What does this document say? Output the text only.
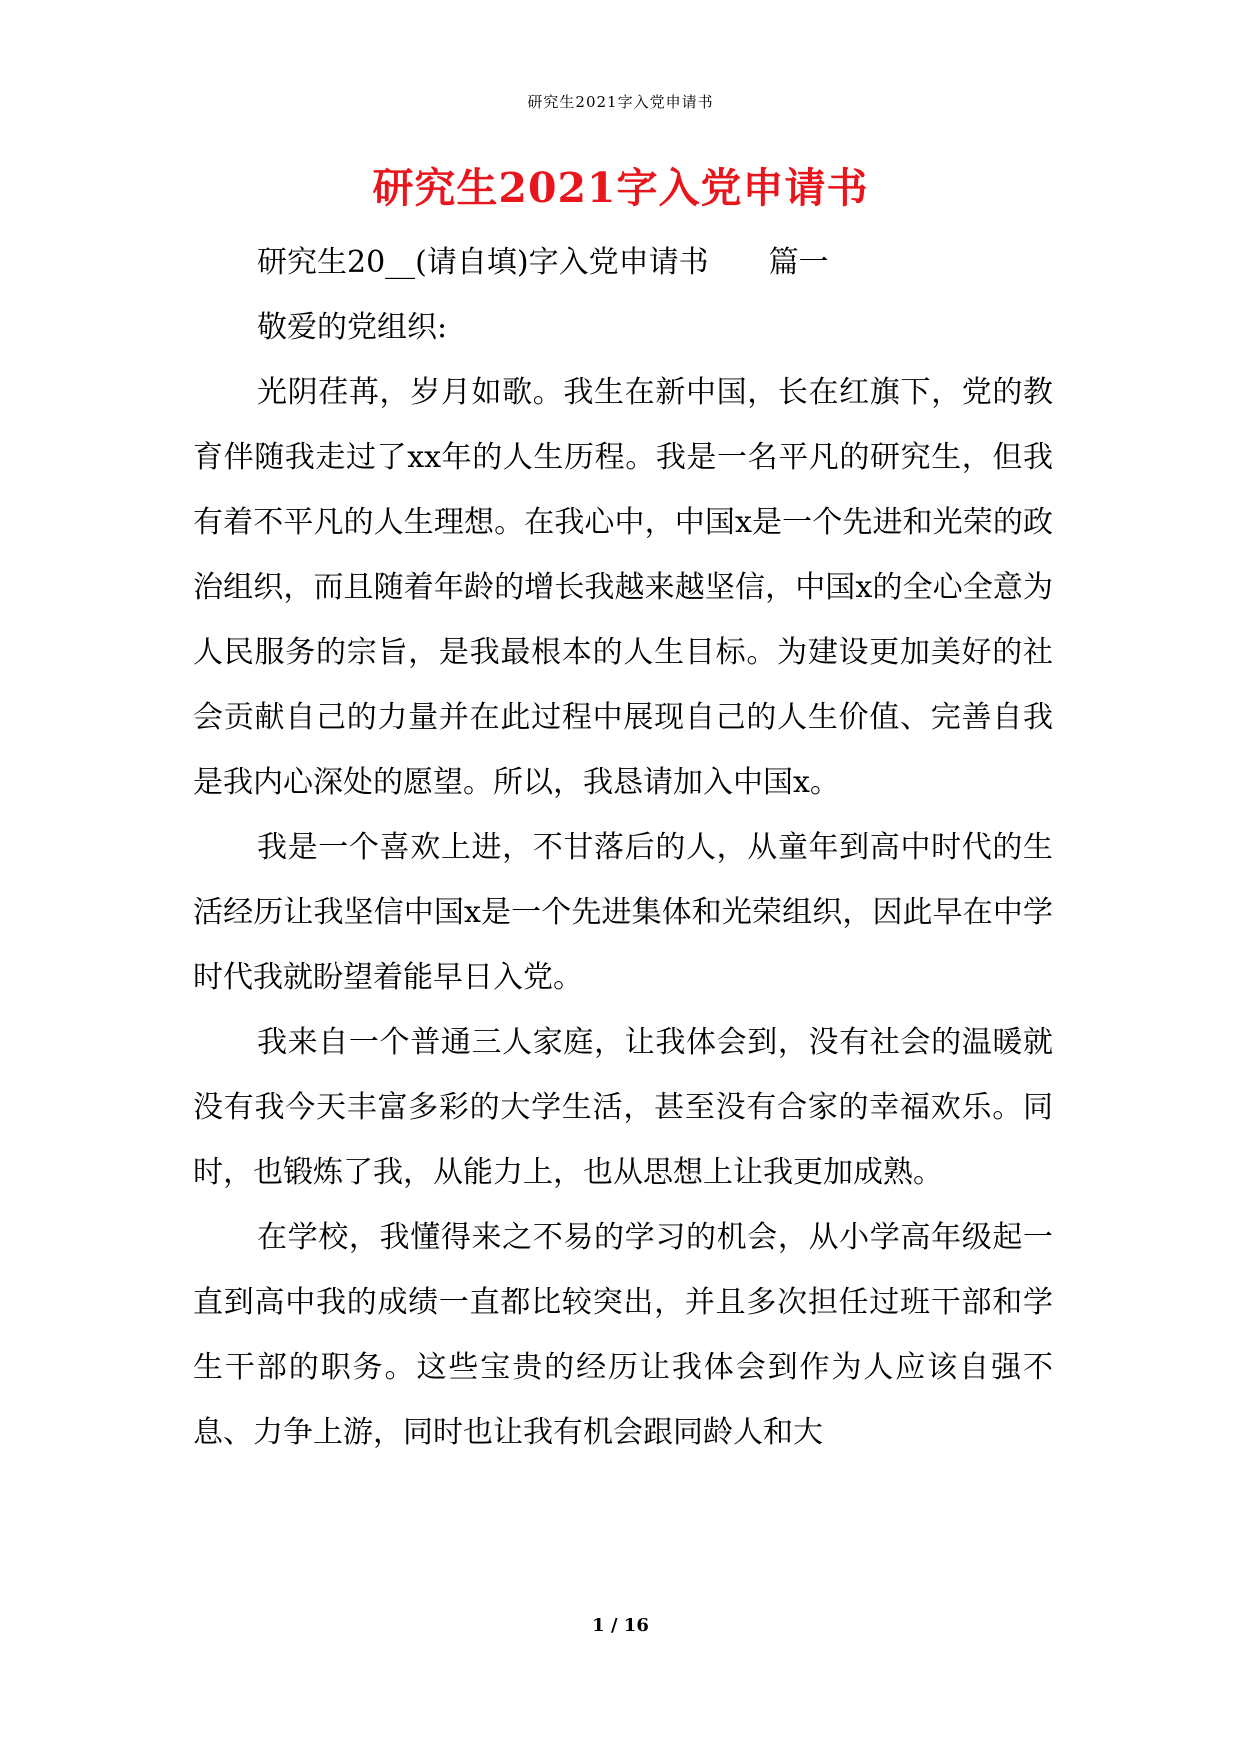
研究生2021字入党申请书
研究生2021字入党申请书

研究生20__(请自填)字入党申请书　　篇一

敬爱的党组织:

光阴荏苒，岁月如歌。我生在新中国，长在红旗下，党的教育伴随我走过了xx年的人生历程。我是一名平凡的研究生，但我有着不平凡的人生理想。在我心中，中国x是一个先进和光荣的政治组织，而且随着年龄的增长我越来越坚信，中国x的全心全意为人民服务的宗旨，是我最根本的人生目标。为建设更加美好的社会贡献自己的力量并在此过程中展现自己的人生价值、完善自我是我内心深处的愿望。所以，我恳请加入中国x。

我是一个喜欢上进，不甘落后的人，从童年到高中时代的生活经历让我坚信中国x是一个先进集体和光荣组织，因此早在中学时代我就盼望着能早日入党。

我来自一个普通三人家庭，让我体会到，没有社会的温暖就没有我今天丰富多彩的大学生活，甚至没有合家的幸福欢乐。同时，也锻炼了我，从能力上，也从思想上让我更加成熟。

在学校，我懂得来之不易的学习的机会，从小学高年级起一直到高中我的成绩一直都比较突出，并且多次担任过班干部和学生干部的职务。这些宝贵的经历让我体会到作为人应该自强不息、力争上游，同时也让我有机会跟同龄人和大

1 / 16
